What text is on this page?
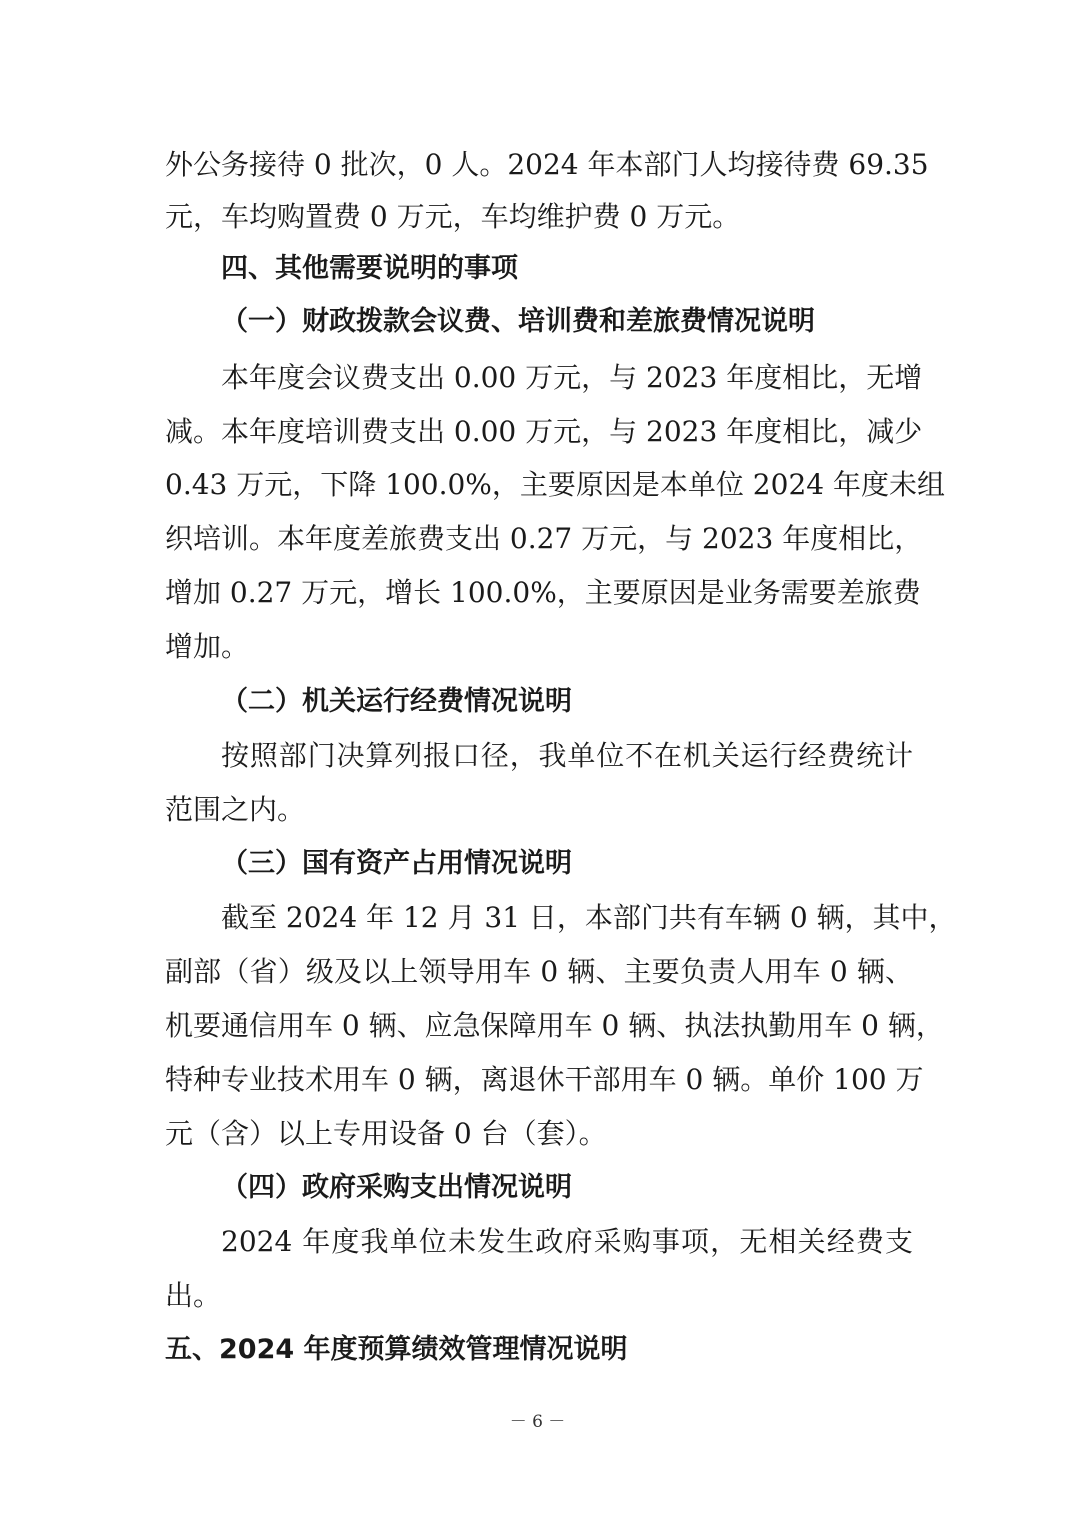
外公务接待 0 批次，0 人。2024 年本部门人均接待费 69.35
元，车均购置费 0 万元，车均维护费 0 万元。
四、其他需要说明的事项
（一）财政拨款会议费、培训费和差旅费情况说明
本年度会议费支出 0.00 万元，与 2023 年度相比，无增
减。本年度培训费支出 0.00 万元，与 2023 年度相比，减少
0.43 万元，下降 100.0%，主要原因是本单位 2024 年度未组
织培训。本年度差旅费支出 0.27 万元，与 2023 年度相比，
增加 0.27 万元，增长 100.0%，主要原因是业务需要差旅费
增加。
（二）机关运行经费情况说明
按照部门决算列报口径，我单位不在机关运行经费统计
范围之内。
（三）国有资产占用情况说明
截至 2024 年 12 月 31 日，本部门共有车辆 0 辆，其中，
副部（省）级及以上领导用车 0 辆、主要负责人用车 0 辆、
机要通信用车 0 辆、应急保障用车 0 辆、执法执勤用车 0 辆，
特种专业技术用车 0 辆，离退休干部用车 0 辆。单价 100 万
元（含）以上专用设备 0 台（套）。
（四）政府采购支出情况说明
2024 年度我单位未发生政府采购事项，无相关经费支
出。
五、2024 年度预算绩效管理情况说明
－ 6 －
